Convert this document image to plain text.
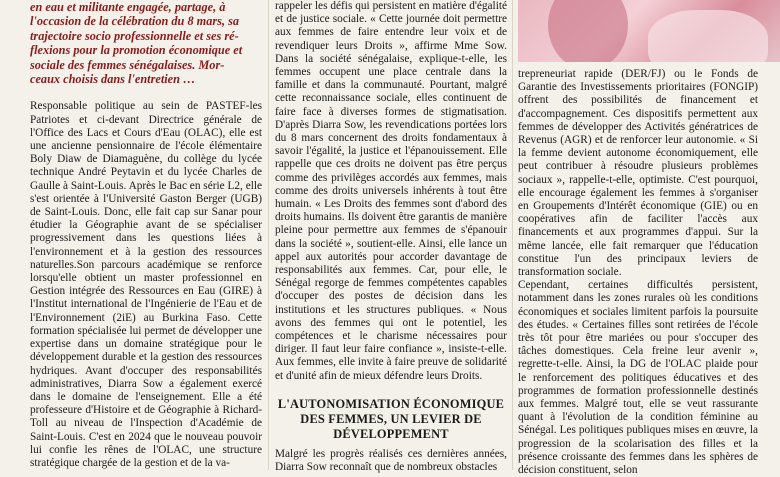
en eau et militante engagée, partage, à
l'occasion de la célébration du 8 mars, sa
trajectoire socio professionnelle et ses ré-
flexions pour la promotion économique et
sociale des femmes sénégalaises. Mor-
ceaux choisis dans l'entretien …

Responsable politique au sein de PASTEF-les Patriotes et ci-devant Directrice générale de l'Office des Lacs et Cours d'Eau (OLAC), elle est une ancienne pensionnaire de l'école élémentaire Boly Diaw de Diamaguène, du collège du lycée technique André Peytavin et du lycée Charles de Gaulle à Saint-Louis. Après le Bac en série L2, elle s'est orientée à l'Université Gaston Berger (UGB) de Saint-Louis. Donc, elle fait cap sur Sanar pour étudier la Géographie avant de se spécialiser progressivement dans les questions liées à l'environnement et à la gestion des ressources naturelles.Son parcours académique se renforce lorsqu'elle obtient un master professionnel en Gestion intégrée des Ressources en Eau (GIRE) à l'Institut international de l'Ingénierie de l'Eau et de l'Environnement (2iE) au Burkina Faso. Cette formation spécialisée lui permet de développer une expertise dans un domaine stratégique pour le développement durable et la gestion des ressources hydriques. Avant d'occuper des responsabilités administratives, Diarra Sow a également exercé dans le domaine de l'enseignement. Elle a été professeure d'Histoire et de Géographie à Richard-Toll au niveau de l'Inspection d'Académie de Saint-Louis. C'est en 2024 que le nouveau pouvoir lui confie les rênes de l'OLAC, une structure stratégique chargée de la gestion et de la va-

rappeler les défis qui persistent en matière d'égalité et de justice sociale. « Cette journée doit permettre aux femmes de faire entendre leur voix et de revendiquer leurs Droits », affirme Mme Sow. Dans la société sénégalaise, explique-t-elle, les femmes occupent une place centrale dans la famille et dans la communauté. Pourtant, malgré cette reconnaissance sociale, elles continuent de faire face à diverses formes de stigmatisation. D'après Diarra Sow, les revendications portées lors du 8 mars concernent des droits fondamentaux à savoir l'égalité, la justice et l'épanouissement. Elle rappelle que ces droits ne doivent pas être perçus comme des privilèges accordés aux femmes, mais comme des droits universels inhérents à tout être humain. « Les Droits des femmes sont d'abord des droits humains. Ils doivent être garantis de manière pleine pour permettre aux femmes de s'épanouir dans la société », soutient-elle. Ainsi, elle lance un appel aux autorités pour accorder davantage de responsabilités aux femmes. Car, pour elle, le Sénégal regorge de femmes compétentes capables d'occuper des postes de décision dans les institutions et les structures publiques. « Nous avons des femmes qui ont le potentiel, les compétences et le charisme nécessaires pour diriger. Il faut leur faire confiance », insiste-t-elle. Aux femmes, elle invite à faire preuve de solidarité et d'unité afin de mieux défendre leurs Droits.

L'AUTONOMISATION ÉCONOMIQUE
DES FEMMES, UN LEVIER DE
DÉVELOPPEMENT

Malgré les progrès réalisés ces dernières années, Diarra Sow reconnaît que de nombreux obstacles

trepreneuriat rapide (DER/FJ) ou le Fonds de Garantie des Investissements prioritaires (FONGIP) offrent des possibilités de financement et d'accompagnement. Ces dispositifs permettent aux femmes de développer des Activités génératrices de Revenus (AGR) et de renforcer leur autonomie. « Si la femme devient autonome économiquement, elle peut contribuer à résoudre plusieurs problèmes sociaux », rappelle-t-elle, optimiste. C'est pourquoi, elle encourage également les femmes à s'organiser en Groupements d'Intérêt économique (GIE) ou en coopératives afin de faciliter l'accès aux financements et aux programmes d'appui. Sur la même lancée, elle fait remarquer que l'éducation constitue l'un des principaux leviers de transformation sociale.

Cependant, certaines difficultés persistent, notamment dans les zones rurales où les conditions économiques et sociales limitent parfois la poursuite des études. « Certaines filles sont retirées de l'école très tôt pour être mariées ou pour s'occuper des tâches domestiques. Cela freine leur avenir », regrette-t-elle. Ainsi, la DG de l'OLAC plaide pour le renforcement des politiques éducatives et des programmes de formation professionnelle destinés aux femmes. Malgré tout, elle se veut rassurante quant à l'évolution de la condition féminine au Sénégal. Les politiques publiques mises en œuvre, la progression de la scolarisation des filles et la présence croissante des femmes dans les sphères de décision constituent, selon
